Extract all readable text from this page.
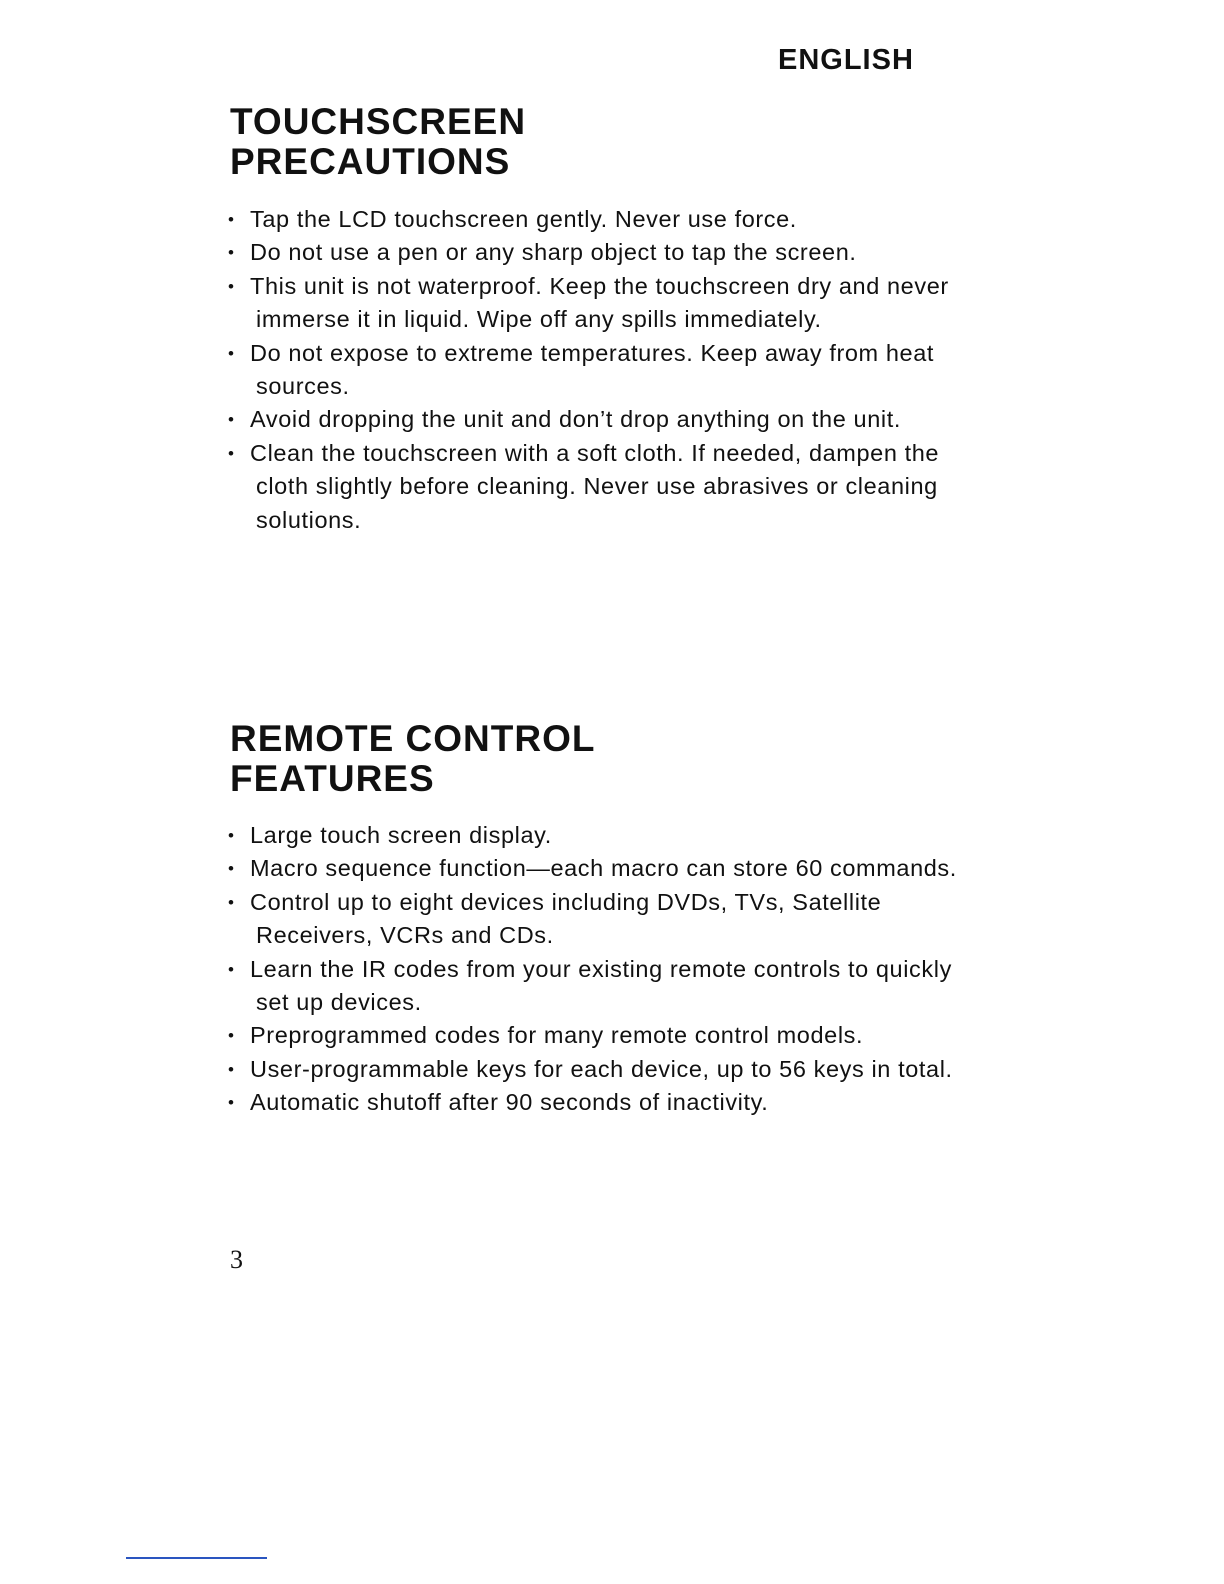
ENGLISH

TOUCHSCREEN
PRECAUTIONS
• Tap the LCD touchscreen gently. Never use force.
• Do not use a pen or any sharp object to tap the screen.
• This unit is not waterproof. Keep the touchscreen dry and never immerse it in liquid. Wipe off any spills immediately.
• Do not expose to extreme temperatures. Keep away from heat sources.
• Avoid dropping the unit and don’t drop anything on the unit.
• Clean the touchscreen with a soft cloth. If needed, dampen the cloth slightly before cleaning. Never use abrasives or cleaning solutions.
REMOTE CONTROL
FEATURES
• Large touch screen display.
• Macro sequence function—each macro can store 60 commands.
• Control up to eight devices including DVDs, TVs, Satellite Receivers, VCRs and CDs.
• Learn the IR codes from your existing remote controls to quickly set up devices.
• Preprogrammed codes for many remote control models.
• User-programmable keys for each device, up to 56 keys in total.
• Automatic shutoff after 90 seconds of inactivity.

3
